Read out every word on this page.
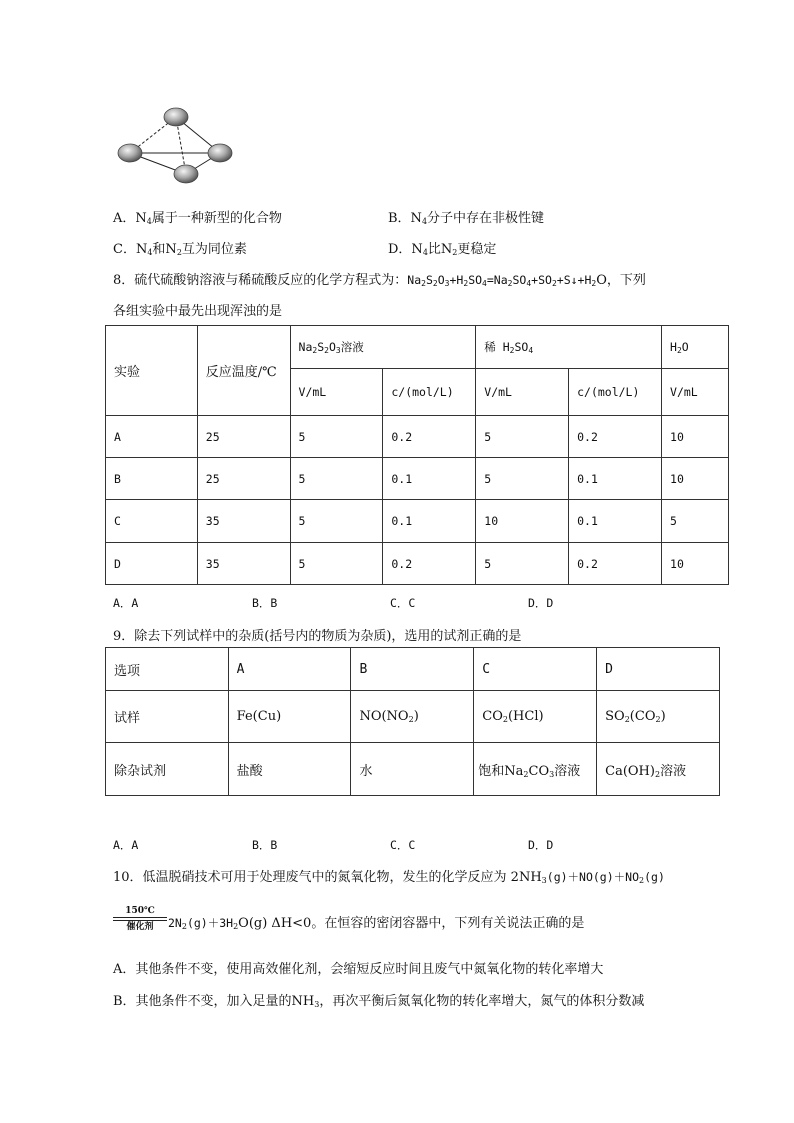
A．$N_4$属于一种新型的化合物	B．$N_4$分子中存在非极性键
C．$N_4$和$N_2$互为同位素	D．$N_4$比$N_2$更稳定
8．硫代硫酸钠溶液与稀硫酸反应的化学方程式为：$Na_2S_2O_3+H_2SO_4=Na_2SO_4+SO_2+S↓+H_2O$，下列
各组实验中最先出现浑浊的是
实验	反应温度/℃	$Na_2S_2O_3$溶液		稀 $H_2SO_4$		$H_2O$
		V/mL	c/(mol/L)	V/mL	c/(mol/L)	V/mL
A	25	5	0.2	5	0.2	10
B	25	5	0.1	5	0.1	10
C	35	5	0.1	10	0.1	5
D	35	5	0.2	5	0.2	10
A．A	B．B	C．C	D．D
9．除去下列试样中的杂质(括号内的物质为杂质)，选用的试剂正确的是
选项	A	B	C	D
试样	Fe(Cu)	$NO(NO_2)$	$CO_2(HCl)$	$SO_2(CO_2)$
除杂试剂	盐酸	水	饱和$Na_2CO_3$溶液	$Ca(OH)_2$溶液
A．A	B．B	C．C	D．D
10．低温脱硝技术可用于处理废气中的氮氧化物，发生的化学反应为 $2NH_3(g)+NO(g)+NO_2(g)$
150℃
催化剂	$2N_2(g)+3H_2O(g)$ ΔH<0。在恒容的密闭容器中，下列有关说法正确的是
A．其他条件不变，使用高效催化剂，会缩短反应时间且废气中氮氧化物的转化率增大
B．其他条件不变，加入足量的$NH_3$，再次平衡后氮氧化物的转化率增大，氮气的体积分数减
